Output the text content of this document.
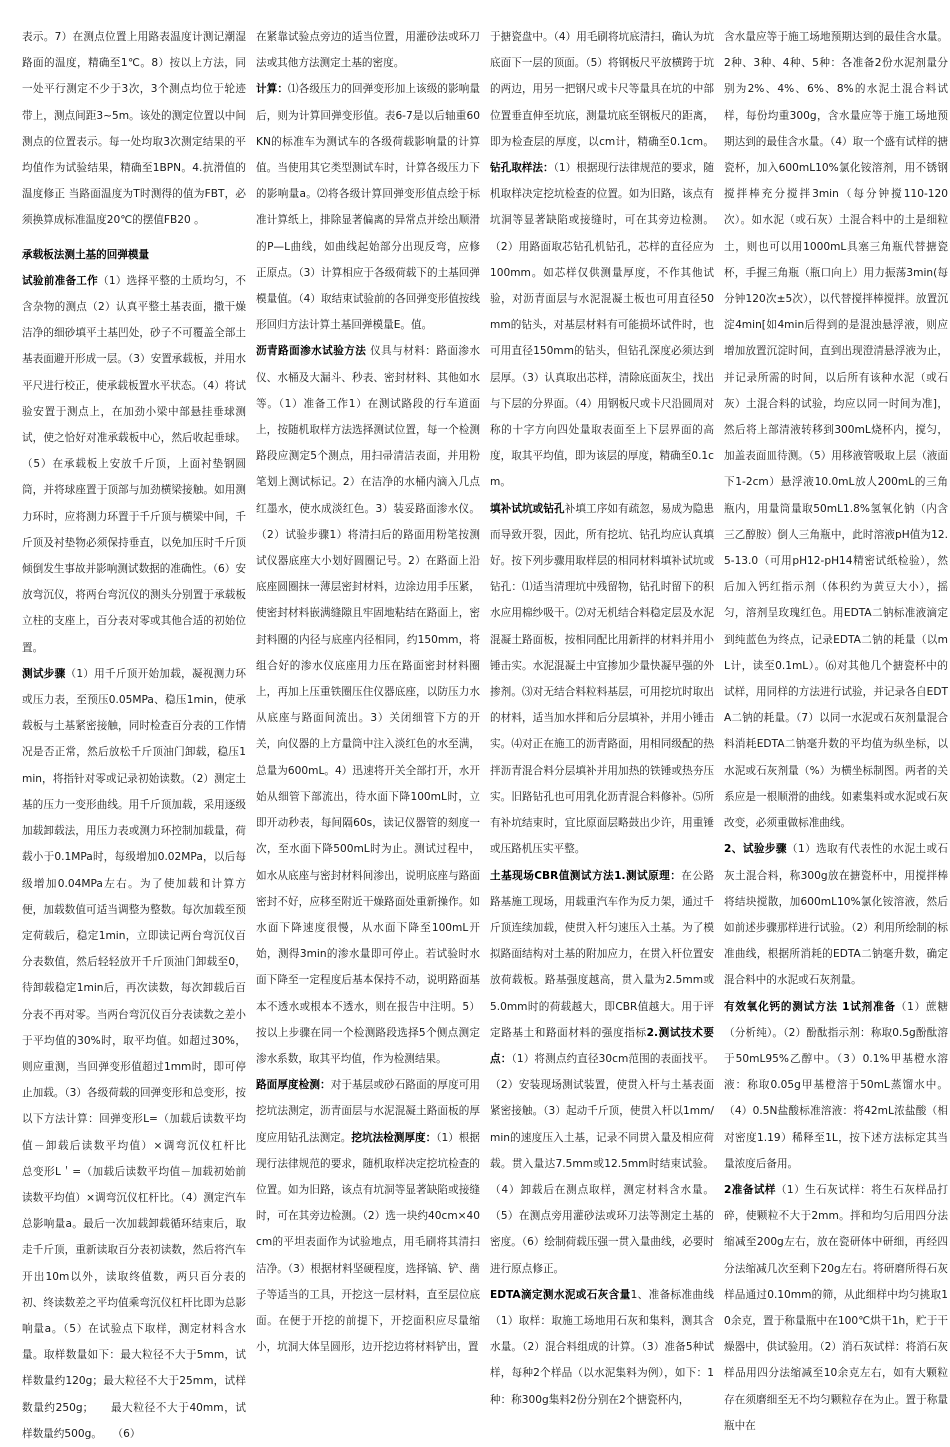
表示。7）在测点位置上用路表温度计测记潮湿路面的温度，精确至1℃。8）按以上方法，同一处平行测定不少于3次，3个测点均位于轮迹带上，测点间距3~5m。该处的测定位置以中间测点的位置表示。每一处均取3次测定结果的平均值作为试验结果，精确至1BPN。4.抗滑值的温度修正 当路面温度为T时测得的值为FBT，必须换算成标准温度20℃的摆值FB20 。

承载板法测土基的回弹模量

试验前准备工作（1）选择平整的土质均匀，不含杂物的测点（2）认真平整土基表面，撒干燥洁净的细砂填平土基凹处，砂子不可覆盖全部土基表面避开形成一层。（3）安置承载板，并用水平尺进行校正，使承载板置水平状态。（4）将试验安置于测点上，在加劲小梁中部悬挂垂球测试，使之恰好对准承载板中心，然后收起垂球。（5）在承载板上安放千斤顶，上面衬垫钢圆筒，并将球座置于顶部与加劲横梁接触。如用测力环时，应将测力环置于千斤顶与横梁中间，千斤顶及衬垫物必须保持垂直，以免加压时千斤顶倾倒发生事故并影响测试数据的准确性。（6）安放弯沉仪，将两台弯沉仪的测头分别置于承载板立柱的支座上，百分表对零或其他合适的初始位置。

测试步骤（1）用千斤顶开始加载，凝视测力环或压力表，至预压0.05MPa、稳压1min，使承载板与土基紧密接触，同时检查百分表的工作情况是否正常，然后放松千斤顶油门卸载，稳压1min，将指针对零或记录初始读数。（2）测定土基的压力一变形曲线。用千斤顶加载，采用逐级加载卸载法，用压力表或测力环控制加载量，荷载小于0.1MPa时，每级增加0.02MPa，以后每级增加0.04MPa左右。为了使加载和计算方便，加载数值可适当调整为整数。每次加载至预定荷载后，稳定1min，立即读记两台弯沉仪百分表数值，然后轻轻放开千斤顶油门卸载至0，待卸载稳定1min后，再次读数，每次卸载后百分表不再对零。当两台弯沉仪百分表读数之差小于平均值的30%时，取平均值。如超过30%，则应重测，当回弹变形值超过1mm时，即可停止加载。（3）各级荷载的回弹变形和总变形，按以下方法计算：回弹变形L=（加载后读数平均值－卸载后读数平均值）×调弯沉仪杠杆比　　总变形L＇=（加载后读数平均值－加载初始前读数平均值）×调弯沉仪杠杆比。（4）测定汽车总影响量a。最后一次加载卸载循环结束后，取走千斤顶，重新读取百分表初读数，然后将汽车开出10m以外，读取终值数，两只百分表的初、终读数差之平均值乘弯沉仪杠杆比即为总影响量a。（5）在试验点下取样，测定材料含水量。取样数量如下：最大粒径不大于5mm，试样数量约120g；最大粒径不大于25mm，试样数量约250g；　　最大粒径不大于40mm，试样数量约500g。　　（6）

在紧靠试验点旁边的适当位置，用灌砂法或环刀法或其他方法测定土基的密度。

计算：⑴各级压力的回弹变形加上该级的影响量后，则为计算回弹变形值。表6-7是以后轴重60KN的标准车为测试车的各级荷载影响量的计算值。当使用其它类型测试车时，计算各级压力下的影响量a。⑵将各级计算回弹变形值点绘于标准计算纸上，排除显著偏离的异常点并绘出顺滑的P—L曲线，如曲线起始部分出现反弯，应修正原点。（3）计算相应于各级荷载下的土基回弹模量值。（4）取结束试验前的各回弹变形值按线形回归方法计算土基回弹模量E。值。

沥青路面渗水试验方法 仪具与材料：路面渗水仪、水桶及大漏斗、秒表、密封材料、其他如水等。（1）准备工作1）在测试路段的行车道面上，按随机取样方法选择测试位置，每一个检测路段应测定5个测点，用扫帚清洁表面，并用粉笔划上测试标记。2）在洁净的水桶内滴入几点红墨水，使水成淡红色。3）装妥路面渗水仪。（2）试验步骤1）将清扫后的路面用粉笔按测试仪器底座大小划好圆圈记号。2）在路面上沿底座圆圈抹一薄层密封材料，边涂边用手压紧，使密封材料嵌满缝隙且牢固地粘结在路面上，密封料圈的内径与底座内径相同，约150mm，将组合好的渗水仪底座用力压在路面密封材料圈上，再加上压重铁圈压住仪器底座，以防压力水从底座与路面间流出。3）关闭细管下方的开关，向仪器的上方量筒中注入淡红色的水至满，总量为600mL。4）迅速将开关全部打开，水开始从细管下部流出，待水面下降100mL时，立即开动秒表，每间隔60s，读记仪器管的刻度一次，至水面下降500mL时为止。测试过程中，如水从底座与密封材料间渗出，说明底座与路面密封不好，应移至附近干燥路面处重新操作。如水面下降速度很慢，从水面下降至100mL开始，测得3min的渗水量即可停止。若试验时水面下降至一定程度后基本保持不动，说明路面基本不透水或根本不透水，则在报告中注明。5）按以上步骤在同一个检测路段选择5个侧点测定渗水系数，取其平均值，作为检测结果。

路面厚度检测：对于基层或砂石路面的厚度可用挖坑法测定，沥青面层与水泥混凝土路面板的厚度应用钻孔法测定。挖坑法检测厚度：（1）根据现行法律规范的要求，随机取样决定挖坑检查的位置。如为旧路，该点有坑洞等显著缺陷或接缝时，可在其旁边检测。（2）选一块约40cm×40cm的平坦表面作为试验地点，用毛刷将其清扫洁净。（3）根据材料坚硬程度，选择镐、铲、凿子等适当的工具，开挖这一层材料，直至层位底面。在便于开挖的前提下，开挖面积应尽量缩小，坑洞大体呈圆形，边开挖边将材料铲出，置

于搪瓷盘中。（4）用毛刷将坑底清扫，确认为坑底面下一层的顶面。（5）将钢板尺平放横跨于坑的两边，用另一把钢尺或卡尺等量具在坑的中部位置垂直伸至坑底，测量坑底至钢板尺的距离，即为检查层的厚度，以cm计，精确至0.1cm。钻孔取样法：（1）根据现行法律规范的要求，随机取样决定挖坑检查的位置。如为旧路，该点有坑洞等显著缺陷或接缝时，可在其旁边检测。（2）用路面取芯钻孔机钻孔，芯样的直径应为100mm。如芯样仅供测量厚度，不作其他试验，对沥青面层与水泥混凝土板也可用直径50mm的钻头，对基层材料有可能损坏试件时，也可用直径150mm的钻头，但钻孔深度必须达到层厚。（3）认真取出芯样，清除底面灰尘，找出与下层的分界面。（4）用钢板尺或卡尺沿圆周对称的十字方向四处量取表面至上下层界面的高度，取其平均值，即为该层的厚度，精确至0.1cm。

填补试坑或钻孔补填工序如有疏忽，易成为隐患而导致开裂，因此，所有挖坑、钻孔均应认真填好。按下列步骤用取样层的相同材料填补试坑或钻孔：⑴适当清理坑中残留物，钻孔时留下的积水应用棉纱吸干。⑵对无机结合料稳定层及水泥混凝土路面板，按相同配比用新拌的材料并用小锤击实。水泥混凝土中宜掺加少量快凝早强的外掺剂。⑶对无结合料粒料基层，可用挖坑时取出的材料，适当加水拌和后分层填补，并用小锤击实。⑷对正在施工的沥青路面，用相同级配的热拌沥青混合料分层填补并用加热的铁锤或热夯压实。旧路钻孔也可用乳化沥青混合料修补。⑸所有补坑结束时，宜比原面层略鼓出少许，用重锤或压路机压实平整。

土基现场CBR值测试方法1.测试原理：在公路路基施工现场，用载重汽车作为反力架，通过千斤顶连续加载，使贯入杆匀速压入土基。为了模拟路面结构对土基的附加应力，在贯入杆位置安放荷载板。路基强度越高，贯入量为2.5mm或5.0mm时的荷载越大，即CBR值越大。用于评定路基土和路面材料的强度指标2.测试技术要点：（1）将测点约直径30cm范围的表面找平。（2）安装现场测试装置，使贯入杆与土基表面紧密接触。（3）起动千斤顶，使贯入杆以1mm/min的速度压入土基，记录不同贯入量及相应荷载。贯入量达7.5mm或12.5mm时结束试验。（4）卸载后在测点取样，测定材料含水量。（5）在测点旁用灌砂法或环刀法等测定土基的密度。（6）绘制荷载压强一贯入量曲线，必要时进行原点修正。

EDTA滴定测水泥或石灰含量1、准备标准曲线（1）取样：取施工场地用石灰和集料，测其含水量。（2）混合料组成的计算。（3）准备5种试样，每种2个样品（以水泥集料为例），如下：1种：称300g集料2份分别在2个搪瓷杯内，

含水量应等于施工场地预期达到的最佳含水量。2种、3种、4种、5种：各准备2份水泥剂量分别为2%、4%、6%、8%的水泥土混合料试样，每份均重300g，含水量应等于施工场地预期达到的最佳含水量。（4）取一个盛有试样的搪瓷杯，加入600mL10%氯化铵溶剂，用不锈钢搅拌棒充分搅拌3min（每分钟搅110-120次）。如水泥（或石灰）土混合料中的土是细粒土，则也可以用1000mL具塞三角瓶代替搪瓷杯，手握三角瓶（瓶口向上）用力振荡3min(每分钟120次±5次），以代替搅拌棒搅拌。放置沉淀4min[如4min后得到的是混浊悬浮液，则应增加放置沉淀时间，直到出现澄清悬浮液为止，并记录所需的时间，以后所有该种水泥（或石灰）土混合料的试验，均应以同一时间为准]，然后将上部清液转移到300mL烧杯内，搅匀，加盖表面皿待测。（5）用移液管吸取上层（液面下1-2cm）悬浮液10.0mL放人200mL的三角瓶内，用量筒量取50mL1.8%氢氧化钠（内含三乙醇胺）倒人三角瓶中，此时溶液pH值为12.5-13.0（可用pH12-pH14精密试纸检验），然后加入钙红指示剂（体积约为黄豆大小），摇匀，溶剂呈玫瑰红色。用EDTA二钠标准液滴定到纯蓝色为终点，记录EDTA二钠的耗量（以mL计，读至0.1mL）。⑹对其他几个搪瓷杯中的试样，用同样的方法进行试验，并记录各自EDTA二钠的耗量。（7）以同一水泥或石灰剂量混合料消耗EDTA二钠毫升数的平均值为纵坐标，以水泥或石灰剂量（%）为横坐标制图。两者的关系应是一根顺滑的曲线。如素集料或水泥或石灰改变，必须重做标准曲线。

2、试验步骤（1）选取有代表性的水泥土或石灰土混合料，称300g放在搪瓷杯中，用搅拌棒将结块搅散，加600mL10%氯化铵溶液，然后如前述步骤那样进行试验。（2）利用所绘制的标准曲线，根据所消耗的EDTA二钠毫升数，确定混合料中的水泥或石灰剂量。

有效氧化钙的测试方法 1试剂准备（1）蔗糖（分析纯）。（2）酚酞指示剂：称取0.5g酚酞溶于50mL95%乙醇中。（3）0.1%甲基橙水溶液：称取0.05g甲基橙溶于50mL蒸馏水中。（4）0.5N盐酸标准溶液：将42mL浓盐酸（相对密度1.19）稀释至1L，按下述方法标定其当量浓度后备用。

2准备试样（1）生石灰试样：将生石灰样品打碎，使颗粒不大于2mm。拌和均匀后用四分法缩减至200g左右，放在瓷研体中研细，再经四分法缩减几次至剩下20g左右。将研磨所得石灰样品通过0.10mm的筛，从此细样中均匀挑取10余克，置于称量瓶中在100℃烘干1h，贮于干燥器中，供试验用。（2）消石灰试样：将消石灰样品用四分法缩减至10余克左右，如有大颗粒存在须磨细至无不均匀颗粒存在为止。置于称量瓶中在
